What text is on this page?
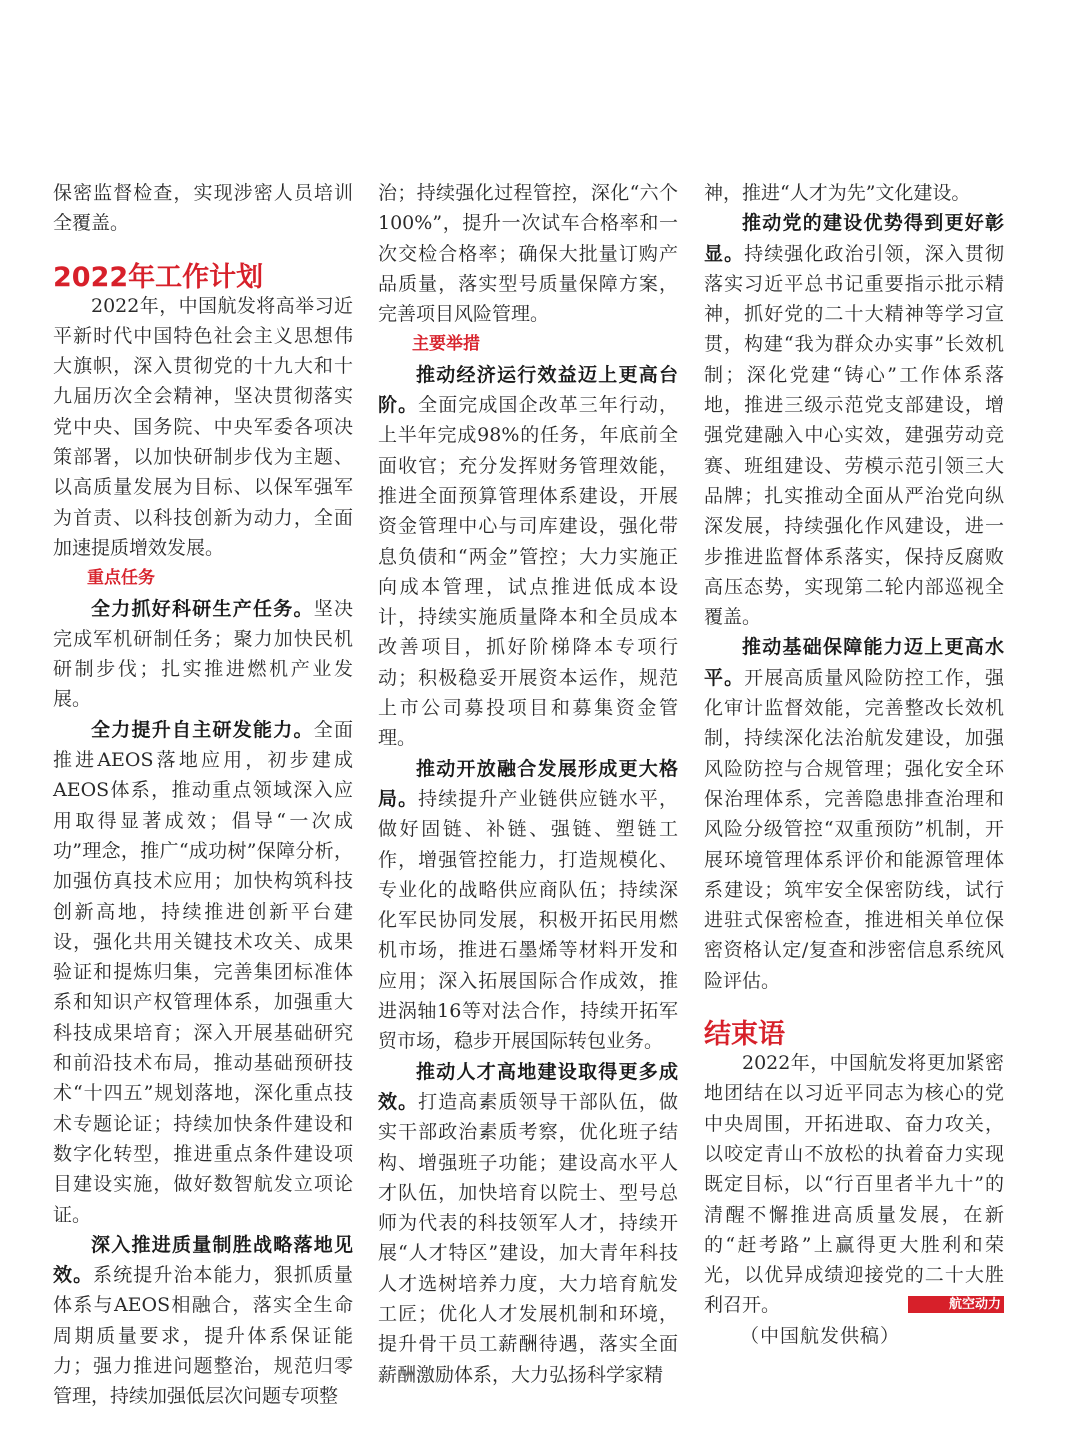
保密监督检查，实现涉密人员培训全覆盖。

2022年工作计划

2022年，中国航发将高举习近平新时代中国特色社会主义思想伟大旗帜，深入贯彻党的十九大和十九届历次全会精神，坚决贯彻落实党中央、国务院、中央军委各项决策部署，以加快研制步伐为主题、以高质量发展为目标、以保军强军为首责、以科技创新为动力，全面加速提质增效发展。

重点任务

全力抓好科研生产任务。坚决完成军机研制任务；聚力加快民机研制步伐；扎实推进燃机产业发展。

全力提升自主研发能力。全面推进AEOS落地应用，初步建成AEOS体系，推动重点领域深入应用取得显著成效；倡导“一次成功”理念，推广“成功树”保障分析，加强仿真技术应用；加快构筑科技创新高地，持续推进创新平台建设，强化共用关键技术攻关、成果验证和提炼归集，完善集团标准体系和知识产权管理体系，加强重大科技成果培育；深入开展基础研究和前沿技术布局，推动基础预研技术“十四五”规划落地，深化重点技术专题论证；持续加快条件建设和数字化转型，推进重点条件建设项目建设实施，做好数智航发立项论证。

深入推进质量制胜战略落地见效。系统提升治本能力，狠抓质量体系与AEOS相融合，落实全生命周期质量要求，提升体系保证能力；强力推进问题整治，规范归零管理，持续加强低层次问题专项整

治；持续强化过程管控，深化“六个100%”，提升一次试车合格率和一次交检合格率；确保大批量订购产品质量，落实型号质量保障方案，完善项目风险管理。

主要举措

推动经济运行效益迈上更高台阶。全面完成国企改革三年行动，上半年完成98%的任务，年底前全面收官；充分发挥财务管理效能，推进全面预算管理体系建设，开展资金管理中心与司库建设，强化带息负债和“两金”管控；大力实施正向成本管理，试点推进低成本设计，持续实施质量降本和全员成本改善项目，抓好阶梯降本专项行动；积极稳妥开展资本运作，规范上市公司募投项目和募集资金管理。

推动开放融合发展形成更大格局。持续提升产业链供应链水平，做好固链、补链、强链、塑链工作，增强管控能力，打造规模化、专业化的战略供应商队伍；持续深化军民协同发展，积极开拓民用燃机市场，推进石墨烯等材料开发和应用；深入拓展国际合作成效，推进涡轴16等对法合作，持续开拓军贸市场，稳步开展国际转包业务。

推动人才高地建设取得更多成效。打造高素质领导干部队伍，做实干部政治素质考察，优化班子结构、增强班子功能；建设高水平人才队伍，加快培育以院士、型号总师为代表的科技领军人才，持续开展“人才特区”建设，加大青年科技人才选树培养力度，大力培育航发工匠；优化人才发展机制和环境，提升骨干员工薪酬待遇，落实全面薪酬激励体系，大力弘扬科学家精

神，推进“人才为先”文化建设。

推动党的建设优势得到更好彰显。持续强化政治引领，深入贯彻落实习近平总书记重要指示批示精神，抓好党的二十大精神等学习宣贯，构建“我为群众办实事”长效机制；深化党建“铸心”工作体系落地，推进三级示范党支部建设，增强党建融入中心实效，建强劳动竞赛、班组建设、劳模示范引领三大品牌；扎实推动全面从严治党向纵深发展，持续强化作风建设，进一步推进监督体系落实，保持反腐败高压态势，实现第二轮内部巡视全覆盖。

推动基础保障能力迈上更高水平。开展高质量风险防控工作，强化审计监督效能，完善整改长效机制，持续深化法治航发建设，加强风险防控与合规管理；强化安全环保治理体系，完善隐患排查治理和风险分级管控“双重预防”机制，开展环境管理体系评价和能源管理体系建设；筑牢安全保密防线，试行进驻式保密检查，推进相关单位保密资格认定/复查和涉密信息系统风险评估。

结束语

2022年，中国航发将更加紧密地团结在以习近平同志为核心的党中央周围，开拓进取、奋力攻关，以咬定青山不放松的执着奋力实现既定目标，以“行百里者半九十”的清醒不懈推进高质量发展，在新的“赶考路”上赢得更大胜利和荣光，以优异成绩迎接党的二十大胜利召开。	航空动力

（中国航发供稿）
